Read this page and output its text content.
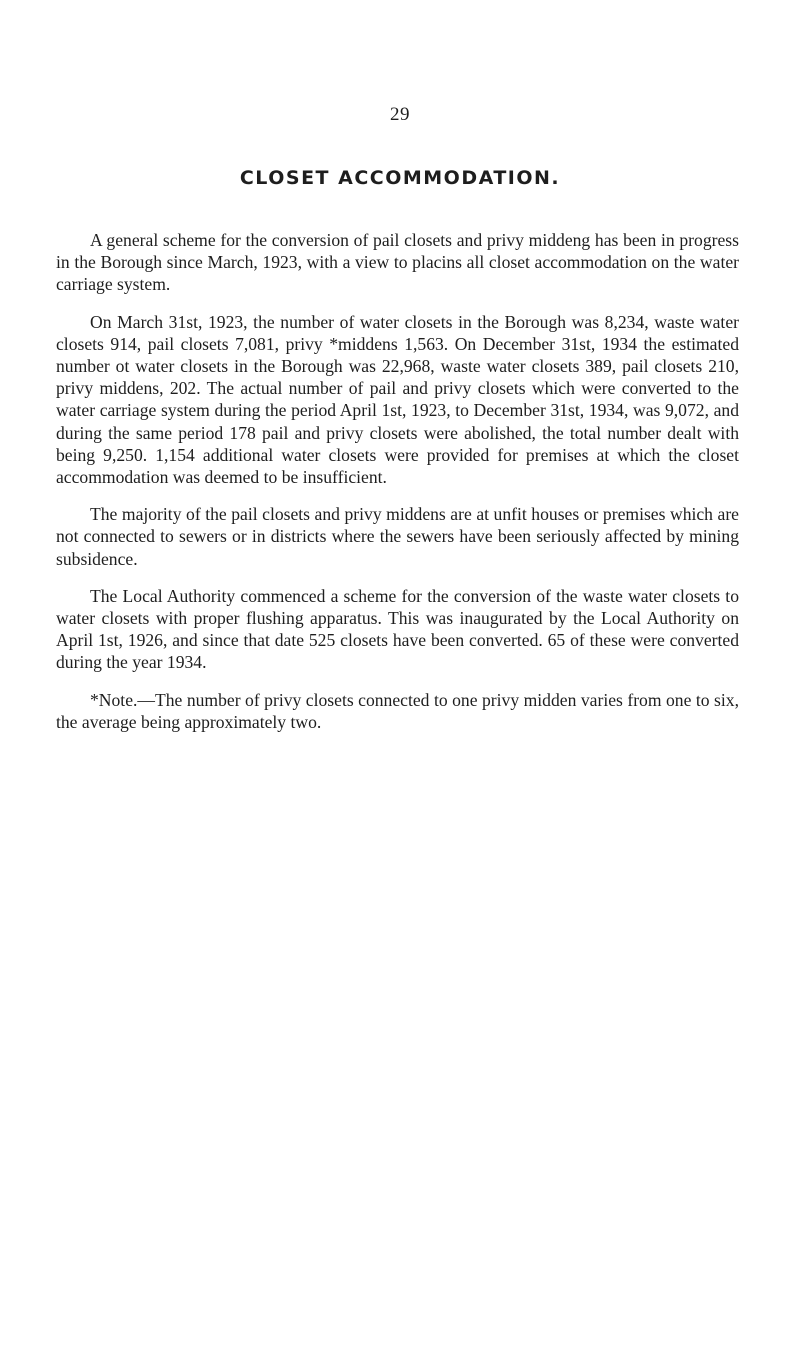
29
CLOSET ACCOMMODATION.

A general scheme for the conversion of pail closets and privy middeng has been in progress in the Borough since March, 1923, with a view to placins all closet accommodation on the water carriage system.

On March 31st, 1923, the number of water closets in the Borough was 8,234, waste water closets 914, pail closets 7,081, privy *middens 1,563. On December 31st, 1934 the estimated number ot water closets in the Borough was 22,968, waste water closets 389, pail closets 210, privy middens, 202. The actual number of pail and privy closets which were converted to the water carriage system during the period April 1st, 1923, to December 31st, 1934, was 9,072, and during the same period 178 pail and privy closets were abolished, the total number dealt with being 9,250. 1,154 additional water closets were provided for premises at which the closet accommodation was deemed to be insufficient.

The majority of the pail closets and privy middens are at unfit houses or premises which are not connected to sewers or in districts where the sewers have been seriously affected by mining subsidence.

The Local Authority commenced a scheme for the conversion of the waste water closets to water closets with proper flushing apparatus. This was inaugurated by the Local Authority on April 1st, 1926, and since that date 525 closets have been converted. 65 of these were converted during the year 1934.

*Note.—The number of privy closets connected to one privy midden varies from one to six, the average being approximately two.
